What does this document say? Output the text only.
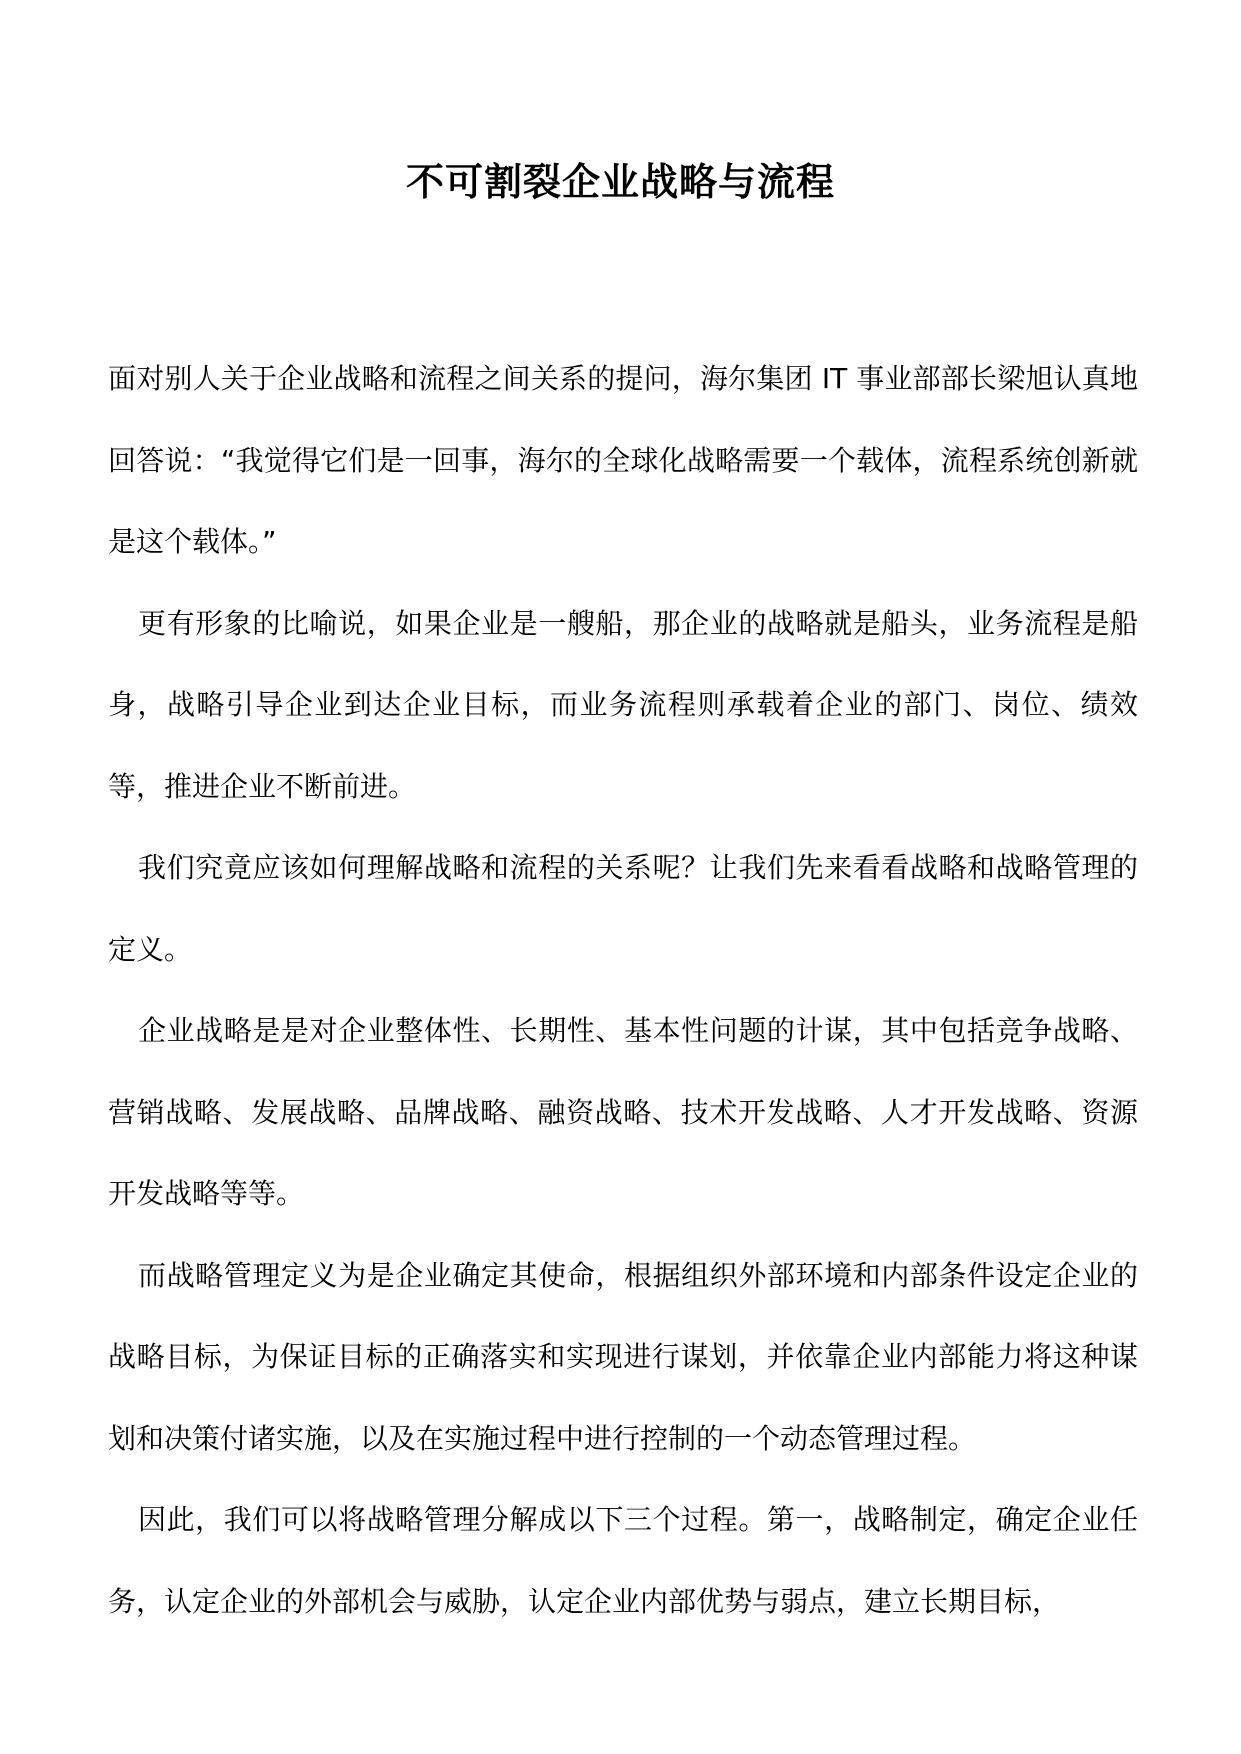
不可割裂企业战略与流程

面对别人关于企业战略和流程之间关系的提问，海尔集团 IT 事业部部长梁旭认真地回答说：“我觉得它们是一回事，海尔的全球化战略需要一个载体，流程系统创新就是这个载体。”

更有形象的比喻说，如果企业是一艘船，那企业的战略就是船头，业务流程是船身，战略引导企业到达企业目标，而业务流程则承载着企业的部门、岗位、绩效等，推进企业不断前进。

我们究竟应该如何理解战略和流程的关系呢？让我们先来看看战略和战略管理的定义。

企业战略是是对企业整体性、长期性、基本性问题的计谋，其中包括竞争战略、营销战略、发展战略、品牌战略、融资战略、技术开发战略、人才开发战略、资源开发战略等等。

而战略管理定义为是企业确定其使命，根据组织外部环境和内部条件设定企业的战略目标，为保证目标的正确落实和实现进行谋划，并依靠企业内部能力将这种谋划和决策付诸实施，以及在实施过程中进行控制的一个动态管理过程。

因此，我们可以将战略管理分解成以下三个过程。第一，战略制定，确定企业任务，认定企业的外部机会与威胁，认定企业内部优势与弱点，建立长期目标，
